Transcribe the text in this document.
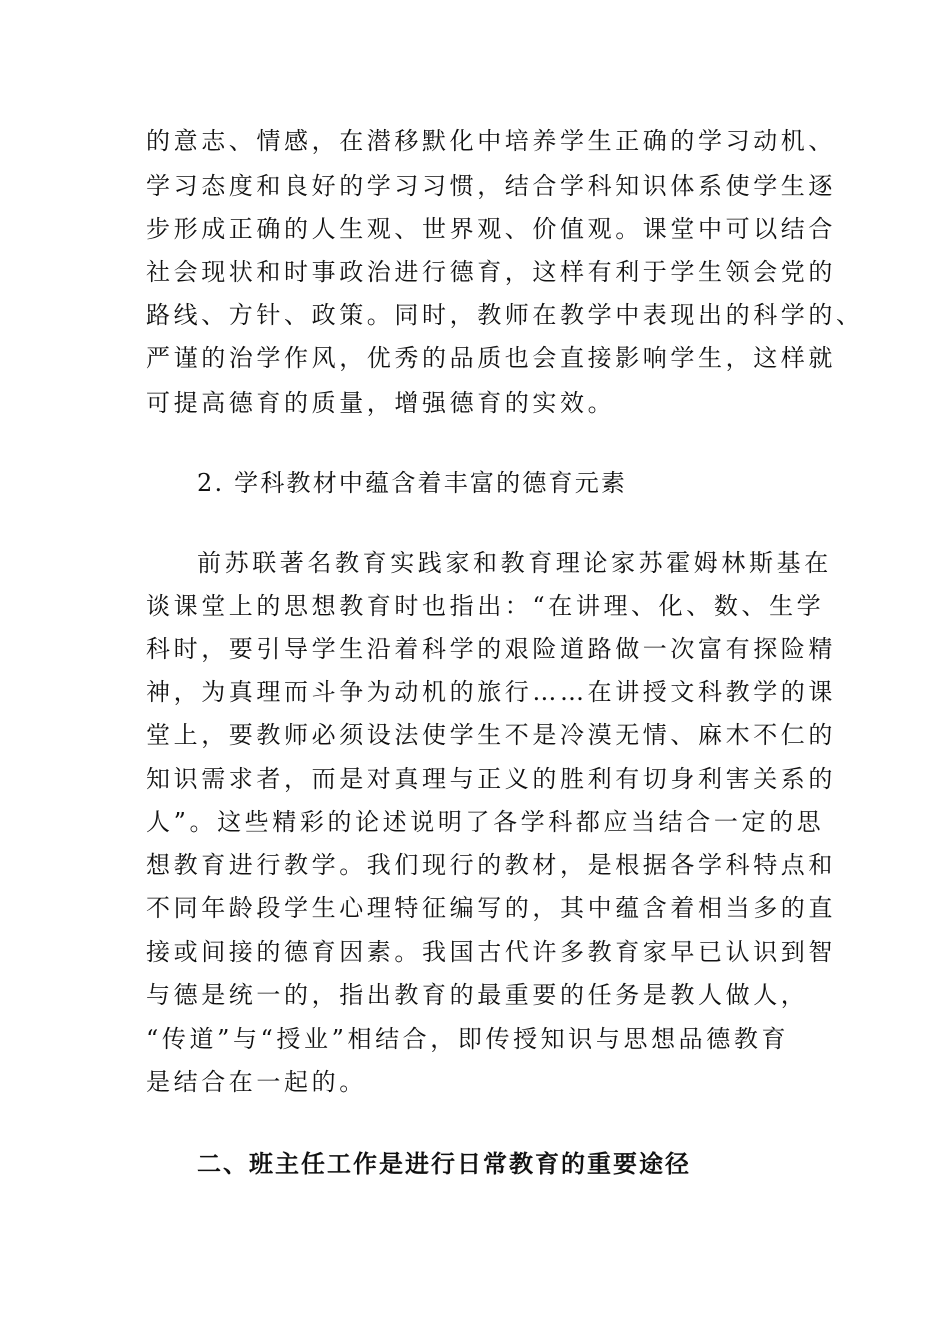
的意志、情感，在潜移默化中培养学生正确的学习动机、
学习态度和良好的学习习惯，结合学科知识体系使学生逐
步形成正确的人生观、世界观、价值观。课堂中可以结合
社会现状和时事政治进行德育，这样有利于学生领会党的
路线、方针、政策。同时，教师在教学中表现出的科学的、
严谨的治学作风，优秀的品质也会直接影响学生，这样就
可提高德育的质量，增强德育的实效。
2. 学科教材中蕴含着丰富的德育元素
前苏联著名教育实践家和教育理论家苏霍姆林斯基在
谈课堂上的思想教育时也指出：“在讲理、化、数、生学
科时，要引导学生沿着科学的艰险道路做一次富有探险精
神，为真理而斗争为动机的旅行……在讲授文科教学的课
堂上，要教师必须设法使学生不是冷漠无情、麻木不仁的
知识需求者，而是对真理与正义的胜利有切身利害关系的
人”。这些精彩的论述说明了各学科都应当结合一定的思
想教育进行教学。我们现行的教材，是根据各学科特点和
不同年龄段学生心理特征编写的，其中蕴含着相当多的直
接或间接的德育因素。我国古代许多教育家早已认识到智
与德是统一的，指出教育的最重要的任务是教人做人，
“传道”与“授业”相结合，即传授知识与思想品德教育
是结合在一起的。
二、班主任工作是进行日常教育的重要途径
